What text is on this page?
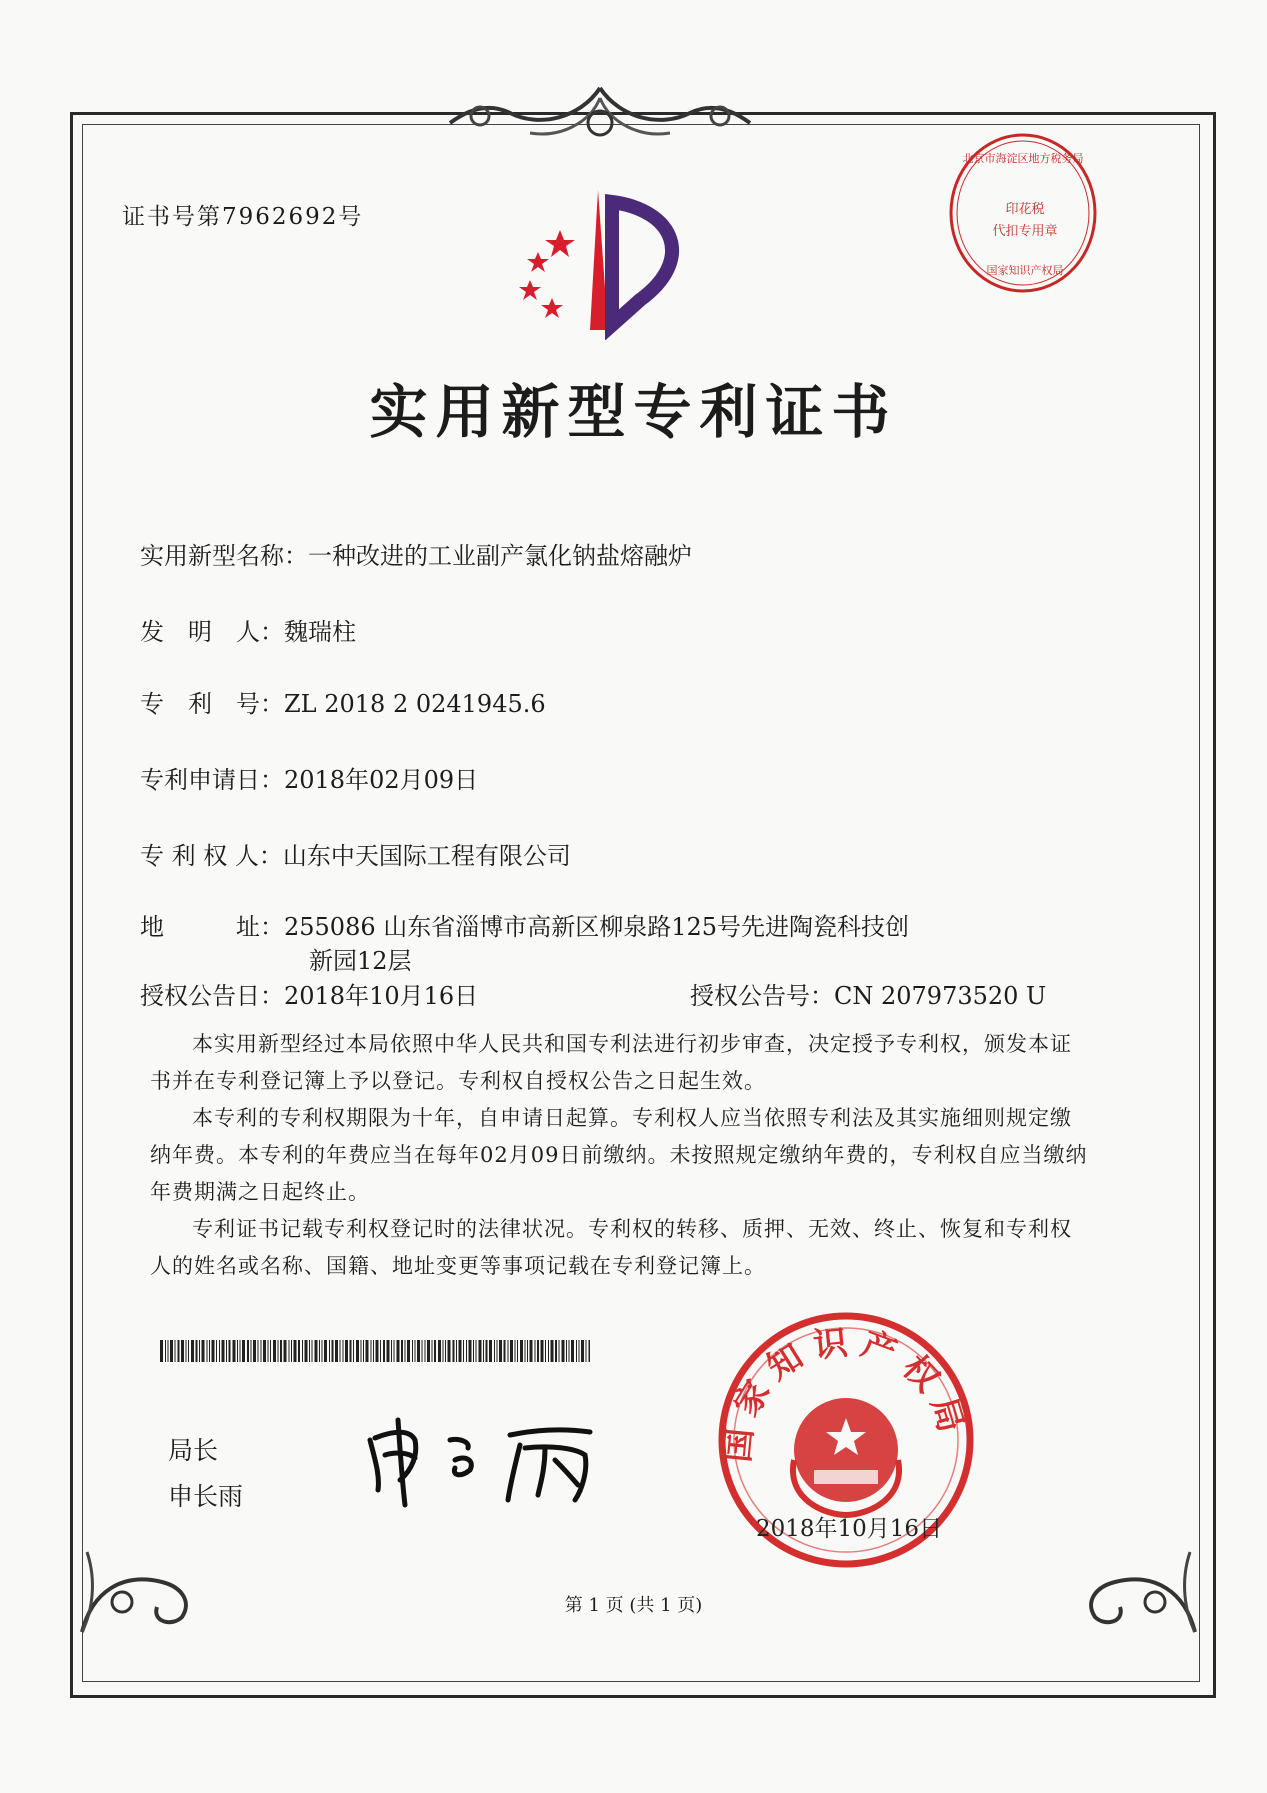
证书号第7962692号
北京市海淀区地方税务局
印花税
代扣专用章
国家知识产权局
实用新型专利证书
实用新型名称：一种改进的工业副产氯化钠盐熔融炉
发　明　人：魏瑞柱
专　利　号：ZL 2018 2 0241945.6
专利申请日：2018年02月09日
专 利 权 人：山东中天国际工程有限公司
地　　　址：255086 山东省淄博市高新区柳泉路125号先进陶瓷科技创
新园12层
授权公告日：2018年10月16日	授权公告号：CN 207973520 U

本实用新型经过本局依照中华人民共和国专利法进行初步审查，决定授予专利权，颁发本证书并在专利登记簿上予以登记。专利权自授权公告之日起生效。

本专利的专利权期限为十年，自申请日起算。专利权人应当依照专利法及其实施细则规定缴纳年费。本专利的年费应当在每年02月09日前缴纳。未按照规定缴纳年费的，专利权自应当缴纳年费期满之日起终止。

专利证书记载专利权登记时的法律状况。专利权的转移、质押、无效、终止、恢复和专利权人的姓名或名称、国籍、地址变更等事项记载在专利登记簿上。

局长
申长雨
国家知识产权局
2018年10月16日
第 1 页 (共 1 页)
